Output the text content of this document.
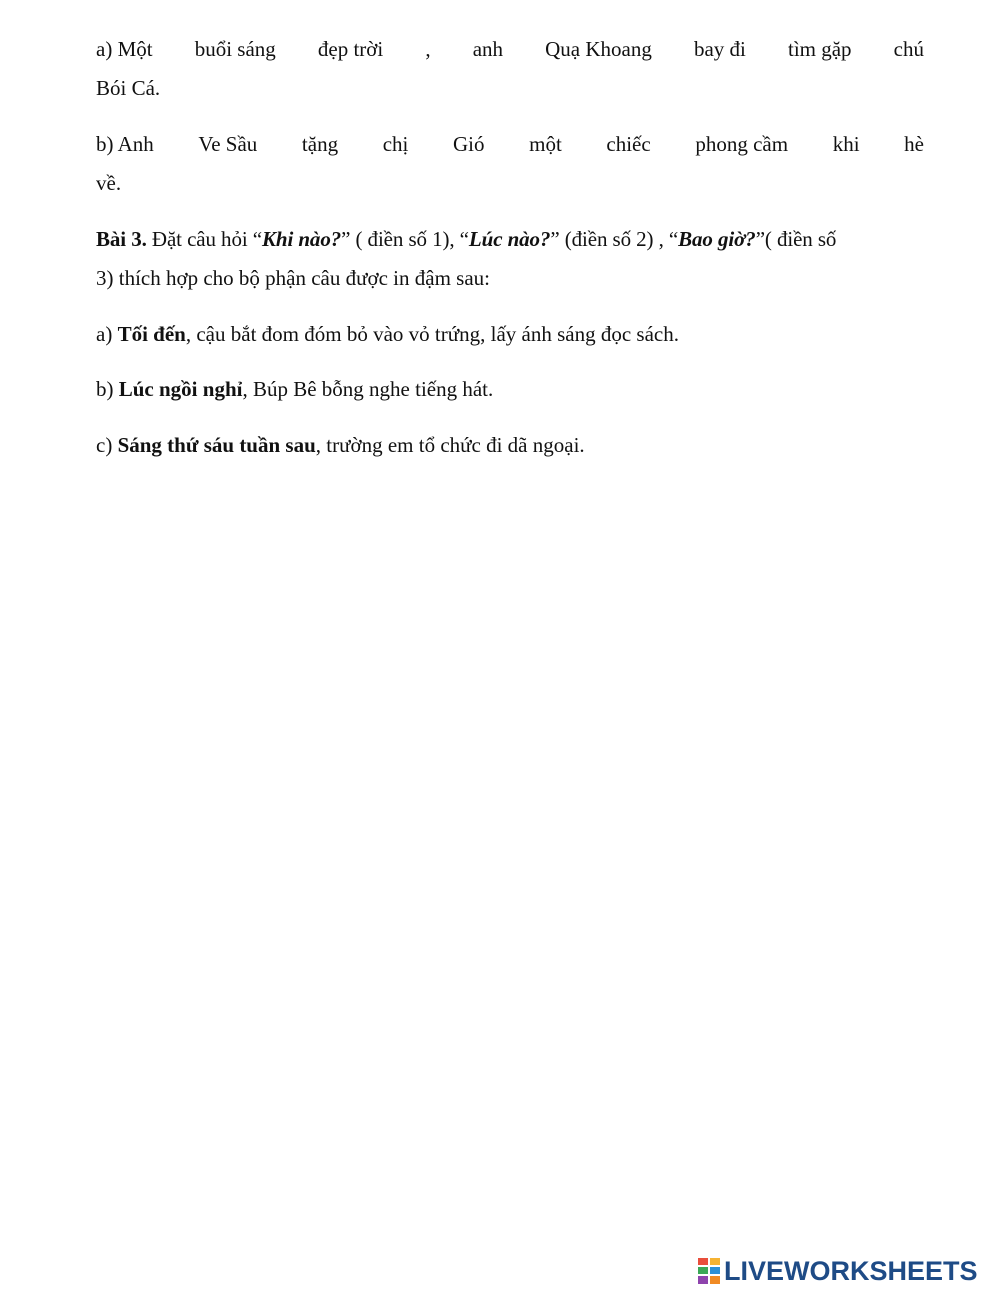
a) Một buổi sáng đẹp trời , anh Quạ Khoang bay đi tìm gặp chú
Bói Cá.
b) Anh Ve Sầu tặng chị Gió một chiếc phong cầm khi hè
về.
Bài 3. Đặt câu hỏi “Khi nào?” ( điền số 1), “Lúc nào?” (điền số 2) , “Bao giờ?”( điền số
3) thích hợp cho bộ phận câu được in đậm sau:
a) Tối đến, cậu bắt đom đóm bỏ vào vỏ trứng, lấy ánh sáng đọc sách.
b) Lúc ngồi nghỉ, Búp Bê bỗng nghe tiếng hát.
c) Sáng thứ sáu tuần sau, trường em tổ chức đi dã ngoại.
LIVEWORKSHEETS
